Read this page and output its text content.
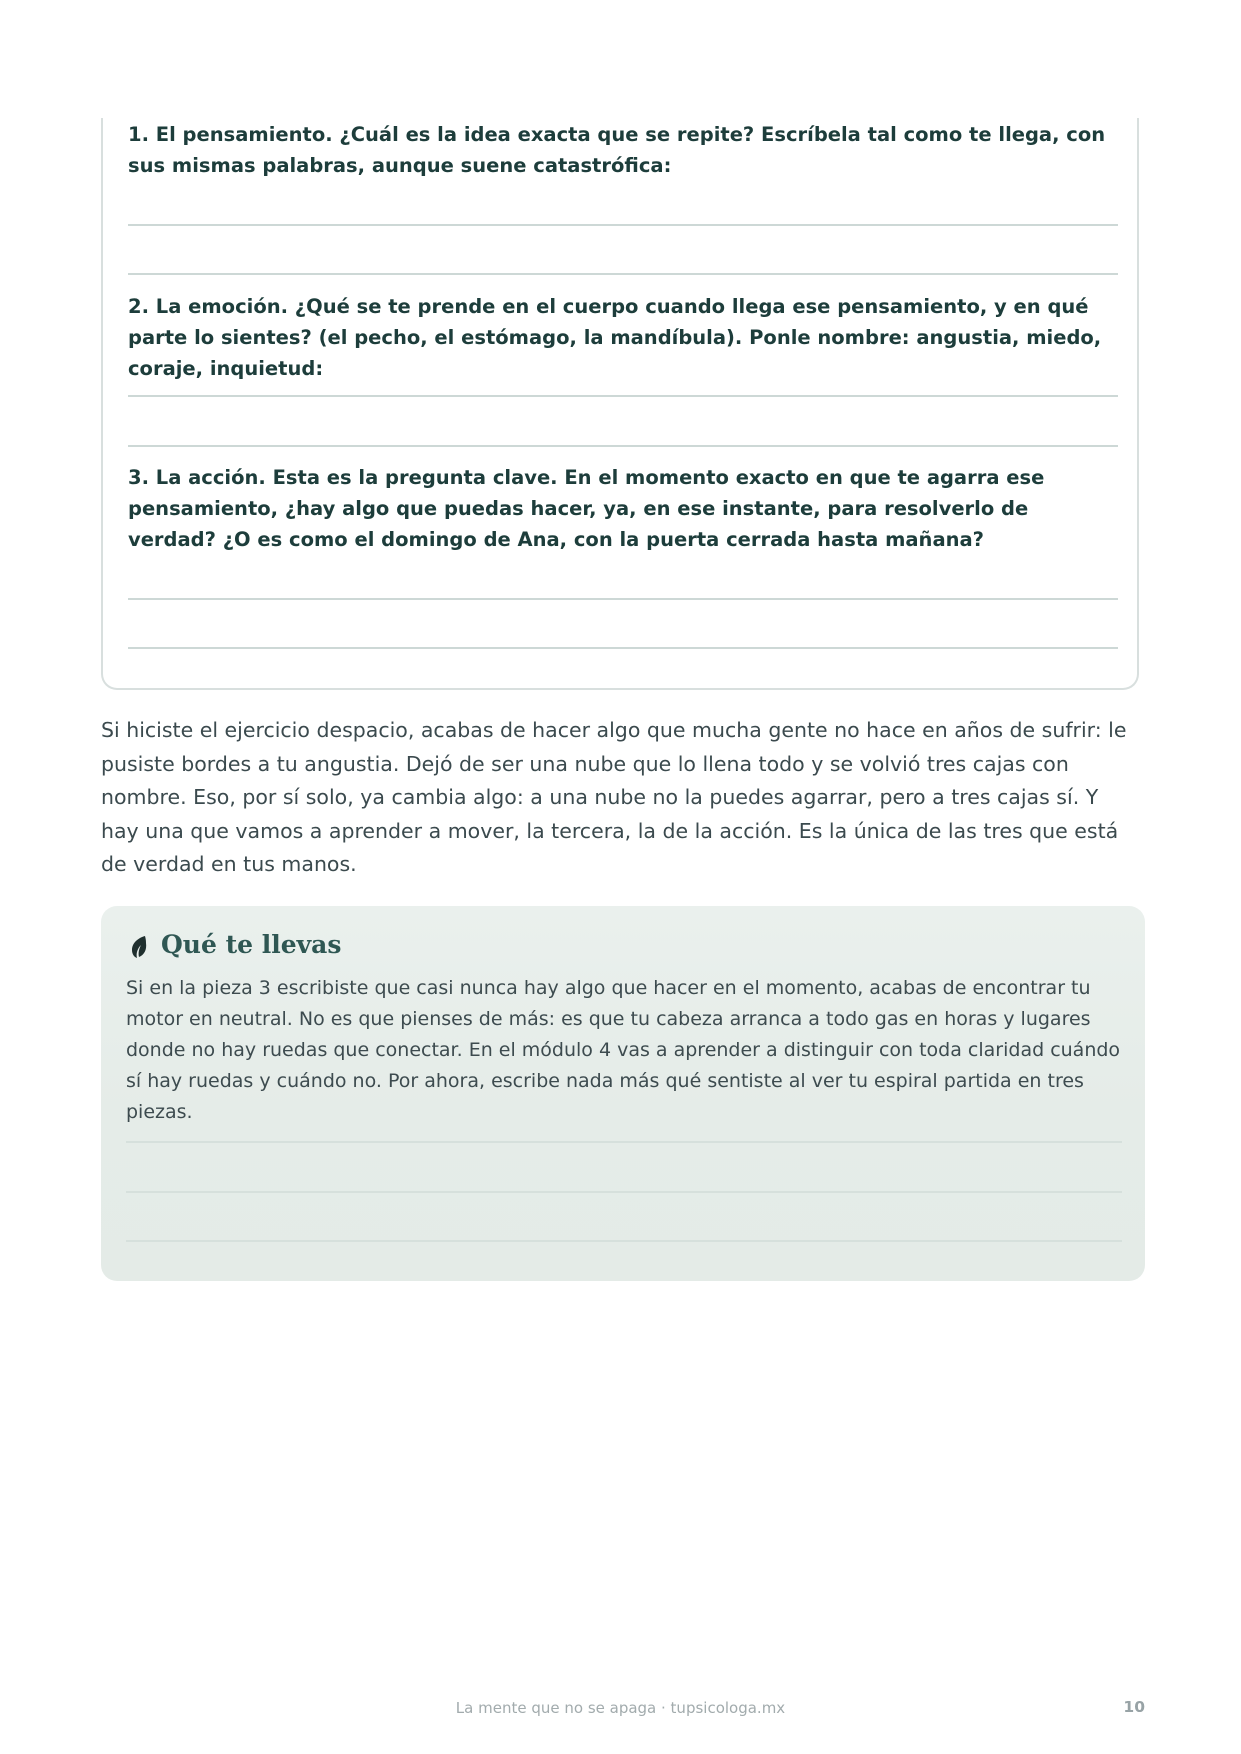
1. El pensamiento. ¿Cuál es la idea exacta que se repite? Escríbela tal como te llega, con sus mismas palabras, aunque suene catastrófica:

2. La emoción. ¿Qué se te prende en el cuerpo cuando llega ese pensamiento, y en qué parte lo sientes? (el pecho, el estómago, la mandíbula). Ponle nombre: angustia, miedo, coraje, inquietud:

3. La acción. Esta es la pregunta clave. En el momento exacto en que te agarra ese pensamiento, ¿hay algo que puedas hacer, ya, en ese instante, para resolverlo de verdad? ¿O es como el domingo de Ana, con la puerta cerrada hasta mañana?

Si hiciste el ejercicio despacio, acabas de hacer algo que mucha gente no hace en años de sufrir: le pusiste bordes a tu angustia. Dejó de ser una nube que lo llena todo y se volvió tres cajas con nombre. Eso, por sí solo, ya cambia algo: a una nube no la puedes agarrar, pero a tres cajas sí. Y hay una que vamos a aprender a mover, la tercera, la de la acción. Es la única de las tres que está de verdad en tus manos.

Qué te llevas

Si en la pieza 3 escribiste que casi nunca hay algo que hacer en el momento, acabas de encontrar tu motor en neutral. No es que pienses de más: es que tu cabeza arranca a todo gas en horas y lugares donde no hay ruedas que conectar. En el módulo 4 vas a aprender a distinguir con toda claridad cuándo sí hay ruedas y cuándo no. Por ahora, escribe nada más qué sentiste al ver tu espiral partida en tres piezas.

La mente que no se apaga · tupsicologa.mx	10
